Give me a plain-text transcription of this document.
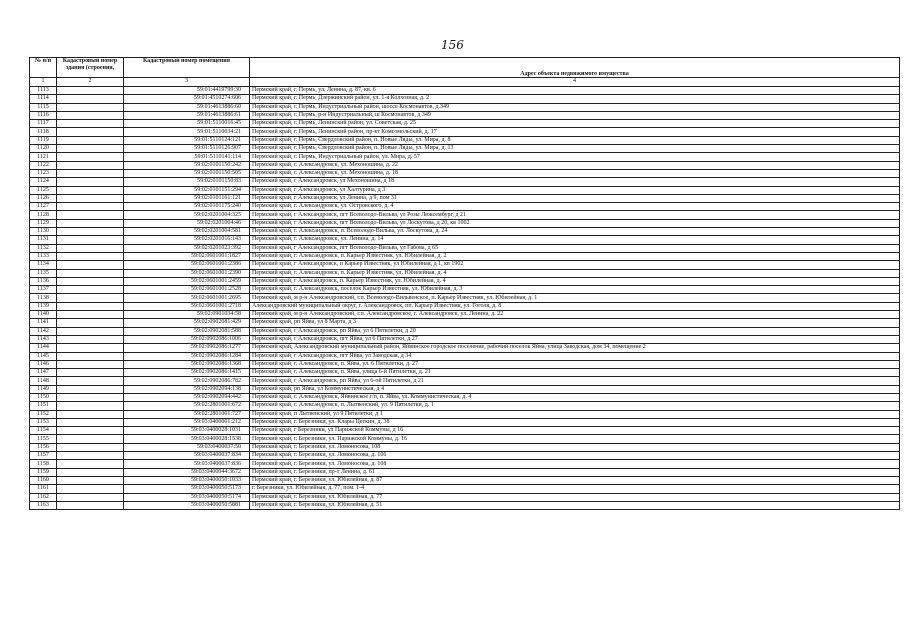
156
№ п/п	Кадастровый номер здания (строения,	Кадастровый номер помещения	Адрес объекта недвижимого имущества
1	2	3	4
1113		59:01:4419799:30	Пермский край, г. Пермь, ул. Ленина, д. 87, кв. 6
1114		59:01:4510274:606	Пермский край, г. Пермь, Дзержинский район, ул. 1-я Колхозная, д. 2
1115		59:01:4613886:60	Пермский край, г. Пермь, Индустриальный район, шоссе Космонавтов, д.349
1116		59:01:4613886:61	Пермский край, г. Пермь, р-н Индустриальный, ш Космонавтов, д 349
1117		59:01:5110016:45	Пермский край, г. Пермь, Ленинский район, ул. Советская, д. 25
1118		59:01:5110034:21	Пермский край, г. Пермь, Ленинский район, пр-кт Комсомольский, д. 17
1119		59:01:5110124:121	Пермский край, г. Пермь, Свердловский район, п. Новые Ляды, ул. Мира, д. 8
1120		59:01:5110126:907	Пермский край, г. Пермь, Свердловский район, п. Новые Ляды, ул. Мира, д. 13
1121		59:01:5110141:114	Пермский край, г. Пермь, Индустриальный район, ул. Мира, д. 57
1122		59:02:0101150:242	Пермский край, г. Александровск, ул. Мехоношина, д. 22
1123		59:02:0101150:505	Пермский край, г. Александровск, ул. Мехоношина, д. 18
1124		59:02:0101150:83	Пермский край, г Александровск, ул Мехоношина, д 18
1125		59:02:0101151:294	Пермский край, г Александровск, ул Халтурина, д 3
1126		59:02:0101161:121	Пермский край, г Александровск, ул Ленина, д 9, пом 31
1127		59:02:0101175:240	Пермский край, г. Александровск, ул. Островского, д. 4
1128		59:02:0201004:325	Пермский край, г Александровск, пгт Всеволодо-Вильва, ул Розы Люксембург, д 21
1129		59:02:0201004:46	Пермский край, г Александровск, пгт Всеволодо-Вильва, ул Лоскутова, д 20, кв 1002
1130		59:02:0201004:581	Пермский край, г. Александровск, п. Всеволодо-Вильва, ул. Лоскутова, д. 24
1131		59:02:0201016:143	Пермский край, г. Александровск, ул. Ленина, д. 14
1132		59:02:0201023:392	Пермский край, г Александровск, пгт Всеволодо-Вильва, ул Габова, д 65
1133		59:02:0601001:1827	Пермский край, г. Александровск, п. Карьер Известняк, ул. Юбилейная, д. 2
1134		59:02:0601001:2386	Пермский край, г Александровск, п Карьер Известняк, ул Юбилейная, д 1, кв 1902
1135		59:02:0601001:2390	Пермский край, г. Александровск, п. Карьер Известняк, ул. Юбилейная, д. 4
1136		59:02:0601001:2459	Пермский край, г Александровск, п. Карьер Известняк, ул. Юбилейная, д. 4
1137		59:02:0601001:2528	Пермский край, г. Александровск, поселок Карьер Известняк, ул. Юбилейная, д. 3
1138		59:02:0601001:2695	Пермский край, м р-н Александровский, г.п. Всеволодо-Вильвенское, п. Карьер Известняк, ул. Юбилейная, д. 1
1139		59:02:0601001:2718	Александровский муниципальный округ, г. Александровск, пп. Карьер Известняк, ул. Гоголя, д. 8
1140		59:02:0901034:58	Пермский край, м р-н Александровский, г.п. Александровское, г. Александровск, ул. Ленина, д. 22
1141		59:02:0902081:429	Пермский край, рп Яйва, ул 8 Марта, д 3
1142		59:02:0902081:588	Пермский край, г Александровск, рп Яйва, ул 6 Пятилетки, д 20
1143		59:02:0902086:1006	Пермский край, г Александровск, пгт Яйва, ул 6 Пятилетки, д 27
1144		59:02:0902086:1277	Пермский край, Александровский муниципальный район, Яйвинское городское поселение, рабочий поселок Яйва, улица Заводская, дом 34, помещение 2
1145		59:02:0902086:1284	Пермский край, г Александровск, пгт Яйва, ул Заводская, д 34
1146		59:02:0902086:1368	Пермский край, г. Александровск, п. Яйва, ул. 6 Пятилетки, д. 27
1147		59:02:0902086:1415	Пермский край, г. Александровск, п. Яйва, улица 6-й Пятилетки, д. 21
1148		59:02:0902086:782	Пермский край, г Александровск, рп Яйва, ул 6-ой Пятилетки, д 21
1149		59:02:0902094:138	Пермский край, рп Яйва, ул Коммунистическая, д 4
1150		59:02:0902094:442	Пермский край, г. Александровск, Яйвинское г/п, п. Яйва, ул. Коммунистическая, д. 4
1151		59:02:2801001:672	Пермский край, г. Александровск, п. Лытвенский, ул. 9 Пятилетки, д. 1
1152		59:02:2801001:727	Пермский край, п Лытвенский, ул 9 Пятилетки, д 1
1153		59:03:0400001:212	Пермский край, г. Березники, ул. Клары Цеткин, д. 38
1154		59:03:0400028:1031	Пермский край, г Березники, ул Парижской Коммуны, д 16
1155		59:03:0400028:1538	Пермский край, г. Березники, ул. Парижской Коммуны, д. 16
1156		59:03:0400037:50	Пермский край, г. Березники, ул. Ломоносова, 108
1157		59:03:0400037:834	Пермский край, г. Березники, ул. Ломоносова, д. 106
1158		59:03:0400037:836	Пермский край, г. Березники, ул. Ломоносова, д. 108
1159		59:03:0400044:3672	Пермский край, г. Березники, пр-т Ленина, д. 61
1160		59:03:0400050:1033	Пермский край, г. Березники, ул. Юбилейная, д. 87
1161		59:03:0400050:5173	г. Березники, ул. Юбилейная, д. 77, пом. 1-4
1162		59:03:0400050:5174	Пермский край, г. Березники, ул. Юбилейная, д. 77
1163		59:03:0400050:5881	Пермский край, г. Березники, ул. Юбилейная, д. 51
